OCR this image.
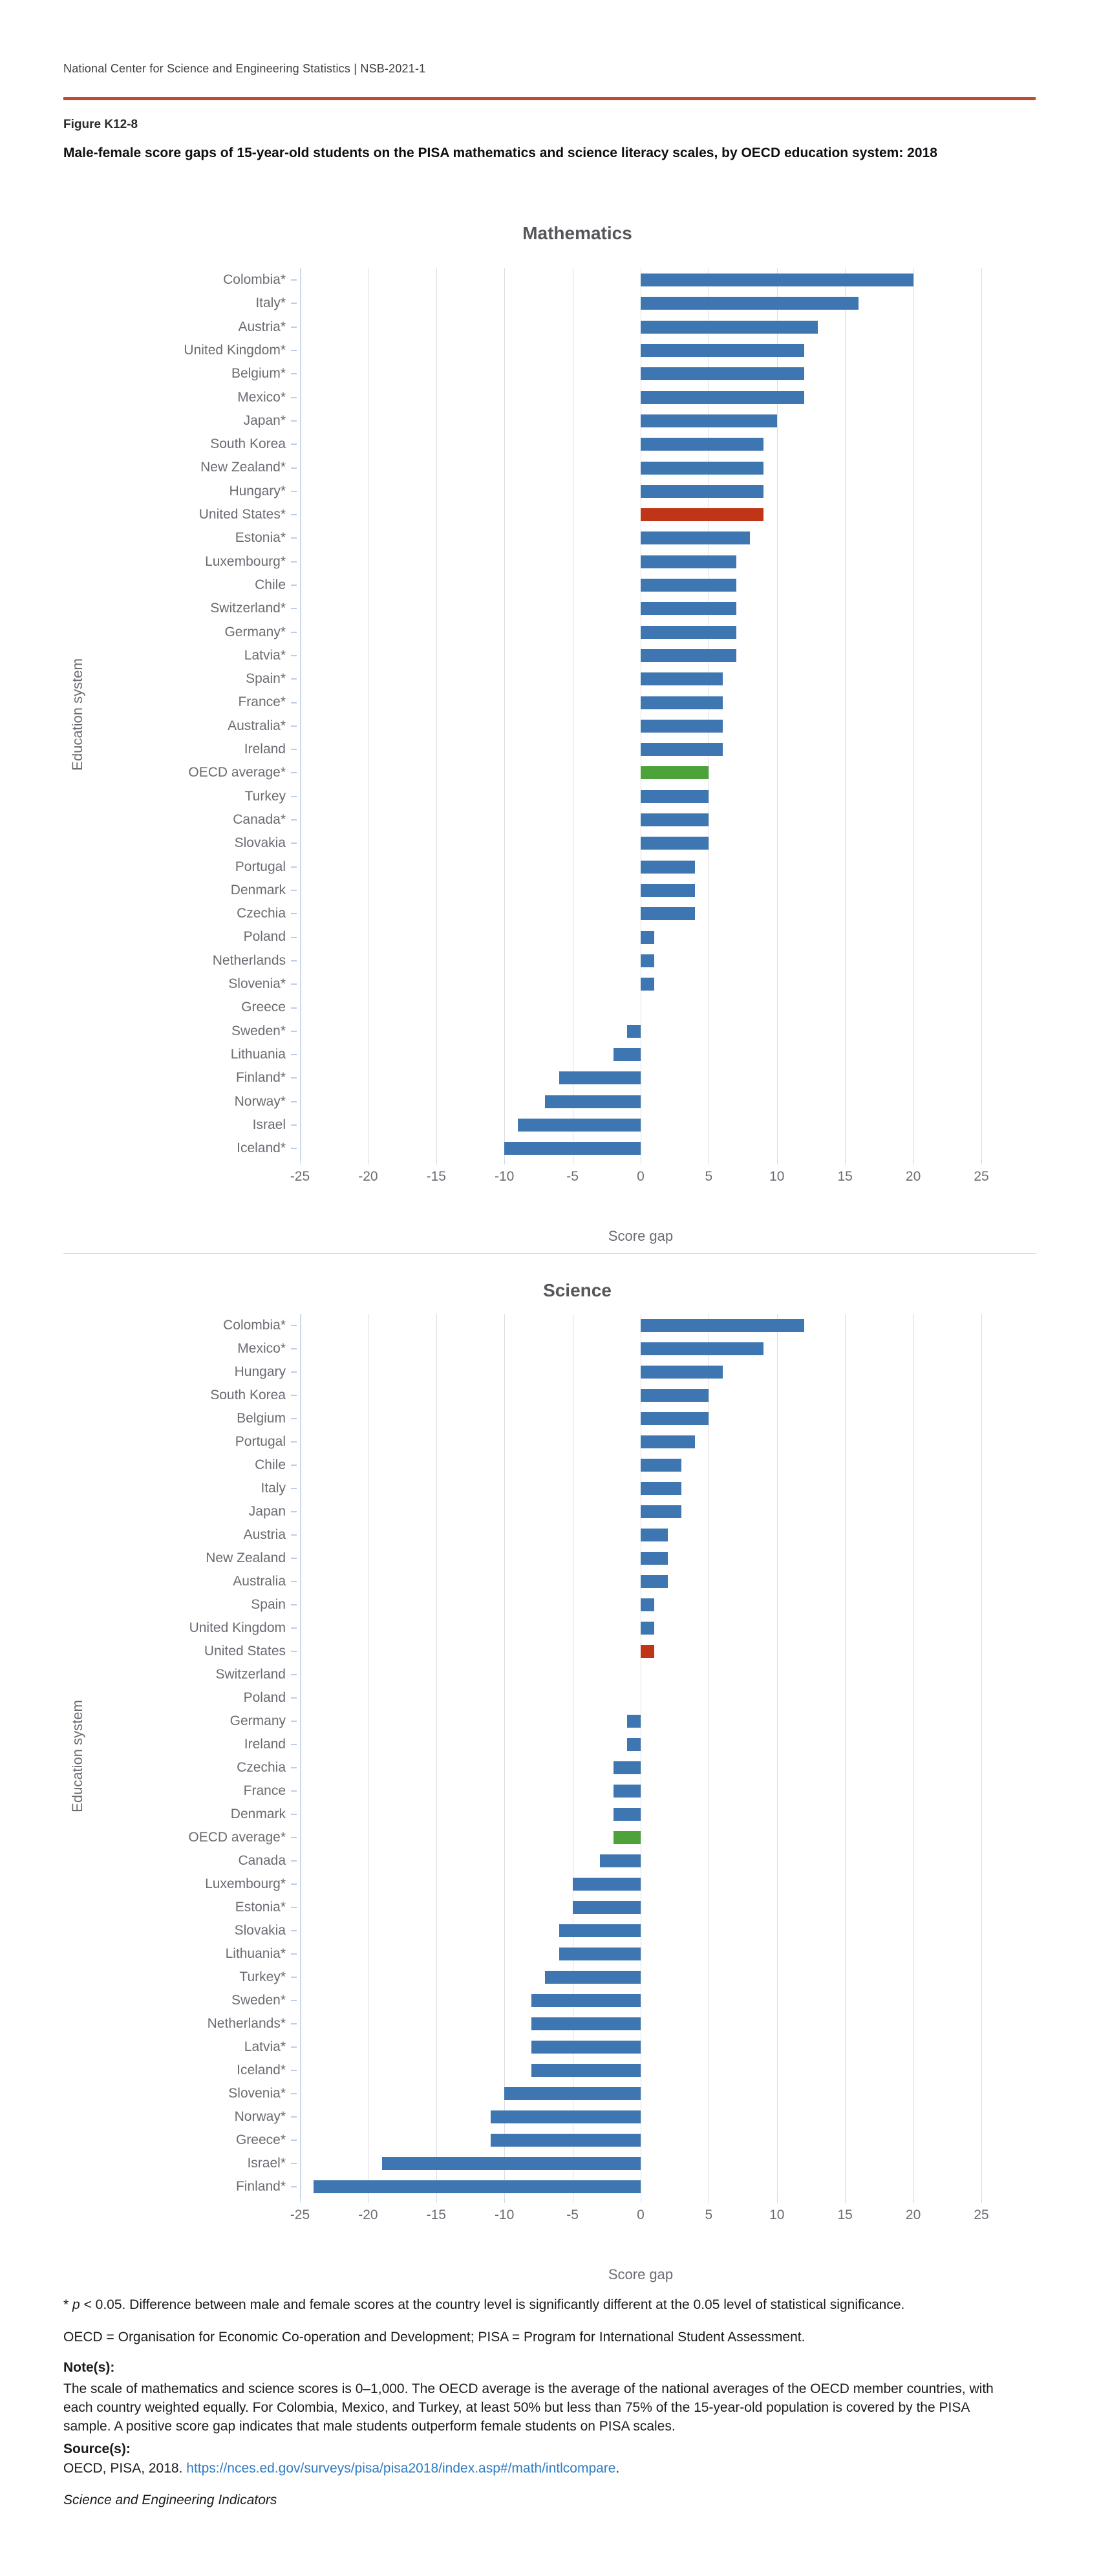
National Center for Science and Engineering Statistics | NSB-2021-1
Figure K12-8
Male-female score gaps of 15-year-old students on the PISA mathematics and science literacy scales, by OECD education system: 2018
Mathematics
Education system
-25	-20	-15	-10	-5	0	5	10	15	20	25
Colombia*
Italy*
Austria*
United Kingdom*
Belgium*
Mexico*
Japan*
South Korea
New Zealand*
Hungary*
United States*
Estonia*
Luxembourg*
Chile
Switzerland*
Germany*
Latvia*
Spain*
France*
Australia*
Ireland
OECD average*
Turkey
Canada*
Slovakia
Portugal
Denmark
Czechia
Poland
Netherlands
Slovenia*
Greece
Sweden*
Lithuania
Finland*
Norway*
Israel
Iceland*
Score gap
Science
Education system
-25	-20	-15	-10	-5	0	5	10	15	20	25
Colombia*
Mexico*
Hungary
South Korea
Belgium
Portugal
Chile
Italy
Japan
Austria
New Zealand
Australia
Spain
United Kingdom
United States
Switzerland
Poland
Germany
Ireland
Czechia
France
Denmark
OECD average*
Canada
Luxembourg*
Estonia*
Slovakia
Lithuania*
Turkey*
Sweden*
Netherlands*
Latvia*
Iceland*
Slovenia*
Norway*
Greece*
Israel*
Finland*
Score gap
* p < 0.05. Difference between male and female scores at the country level is significantly different at the 0.05 level of statistical significance.
OECD = Organisation for Economic Co-operation and Development; PISA = Program for International Student Assessment.
Note(s):
The scale of mathematics and science scores is 0–1,000. The OECD average is the average of the national averages of the OECD member countries, with each country weighted equally. For Colombia, Mexico, and Turkey, at least 50% but less than 75% of the 15-year-old population is covered by the PISA sample. A positive score gap indicates that male students outperform female students on PISA scales.
Source(s):
OECD, PISA, 2018. https://nces.ed.gov/surveys/pisa/pisa2018/index.asp#/math/intlcompare.
Science and Engineering Indicators
